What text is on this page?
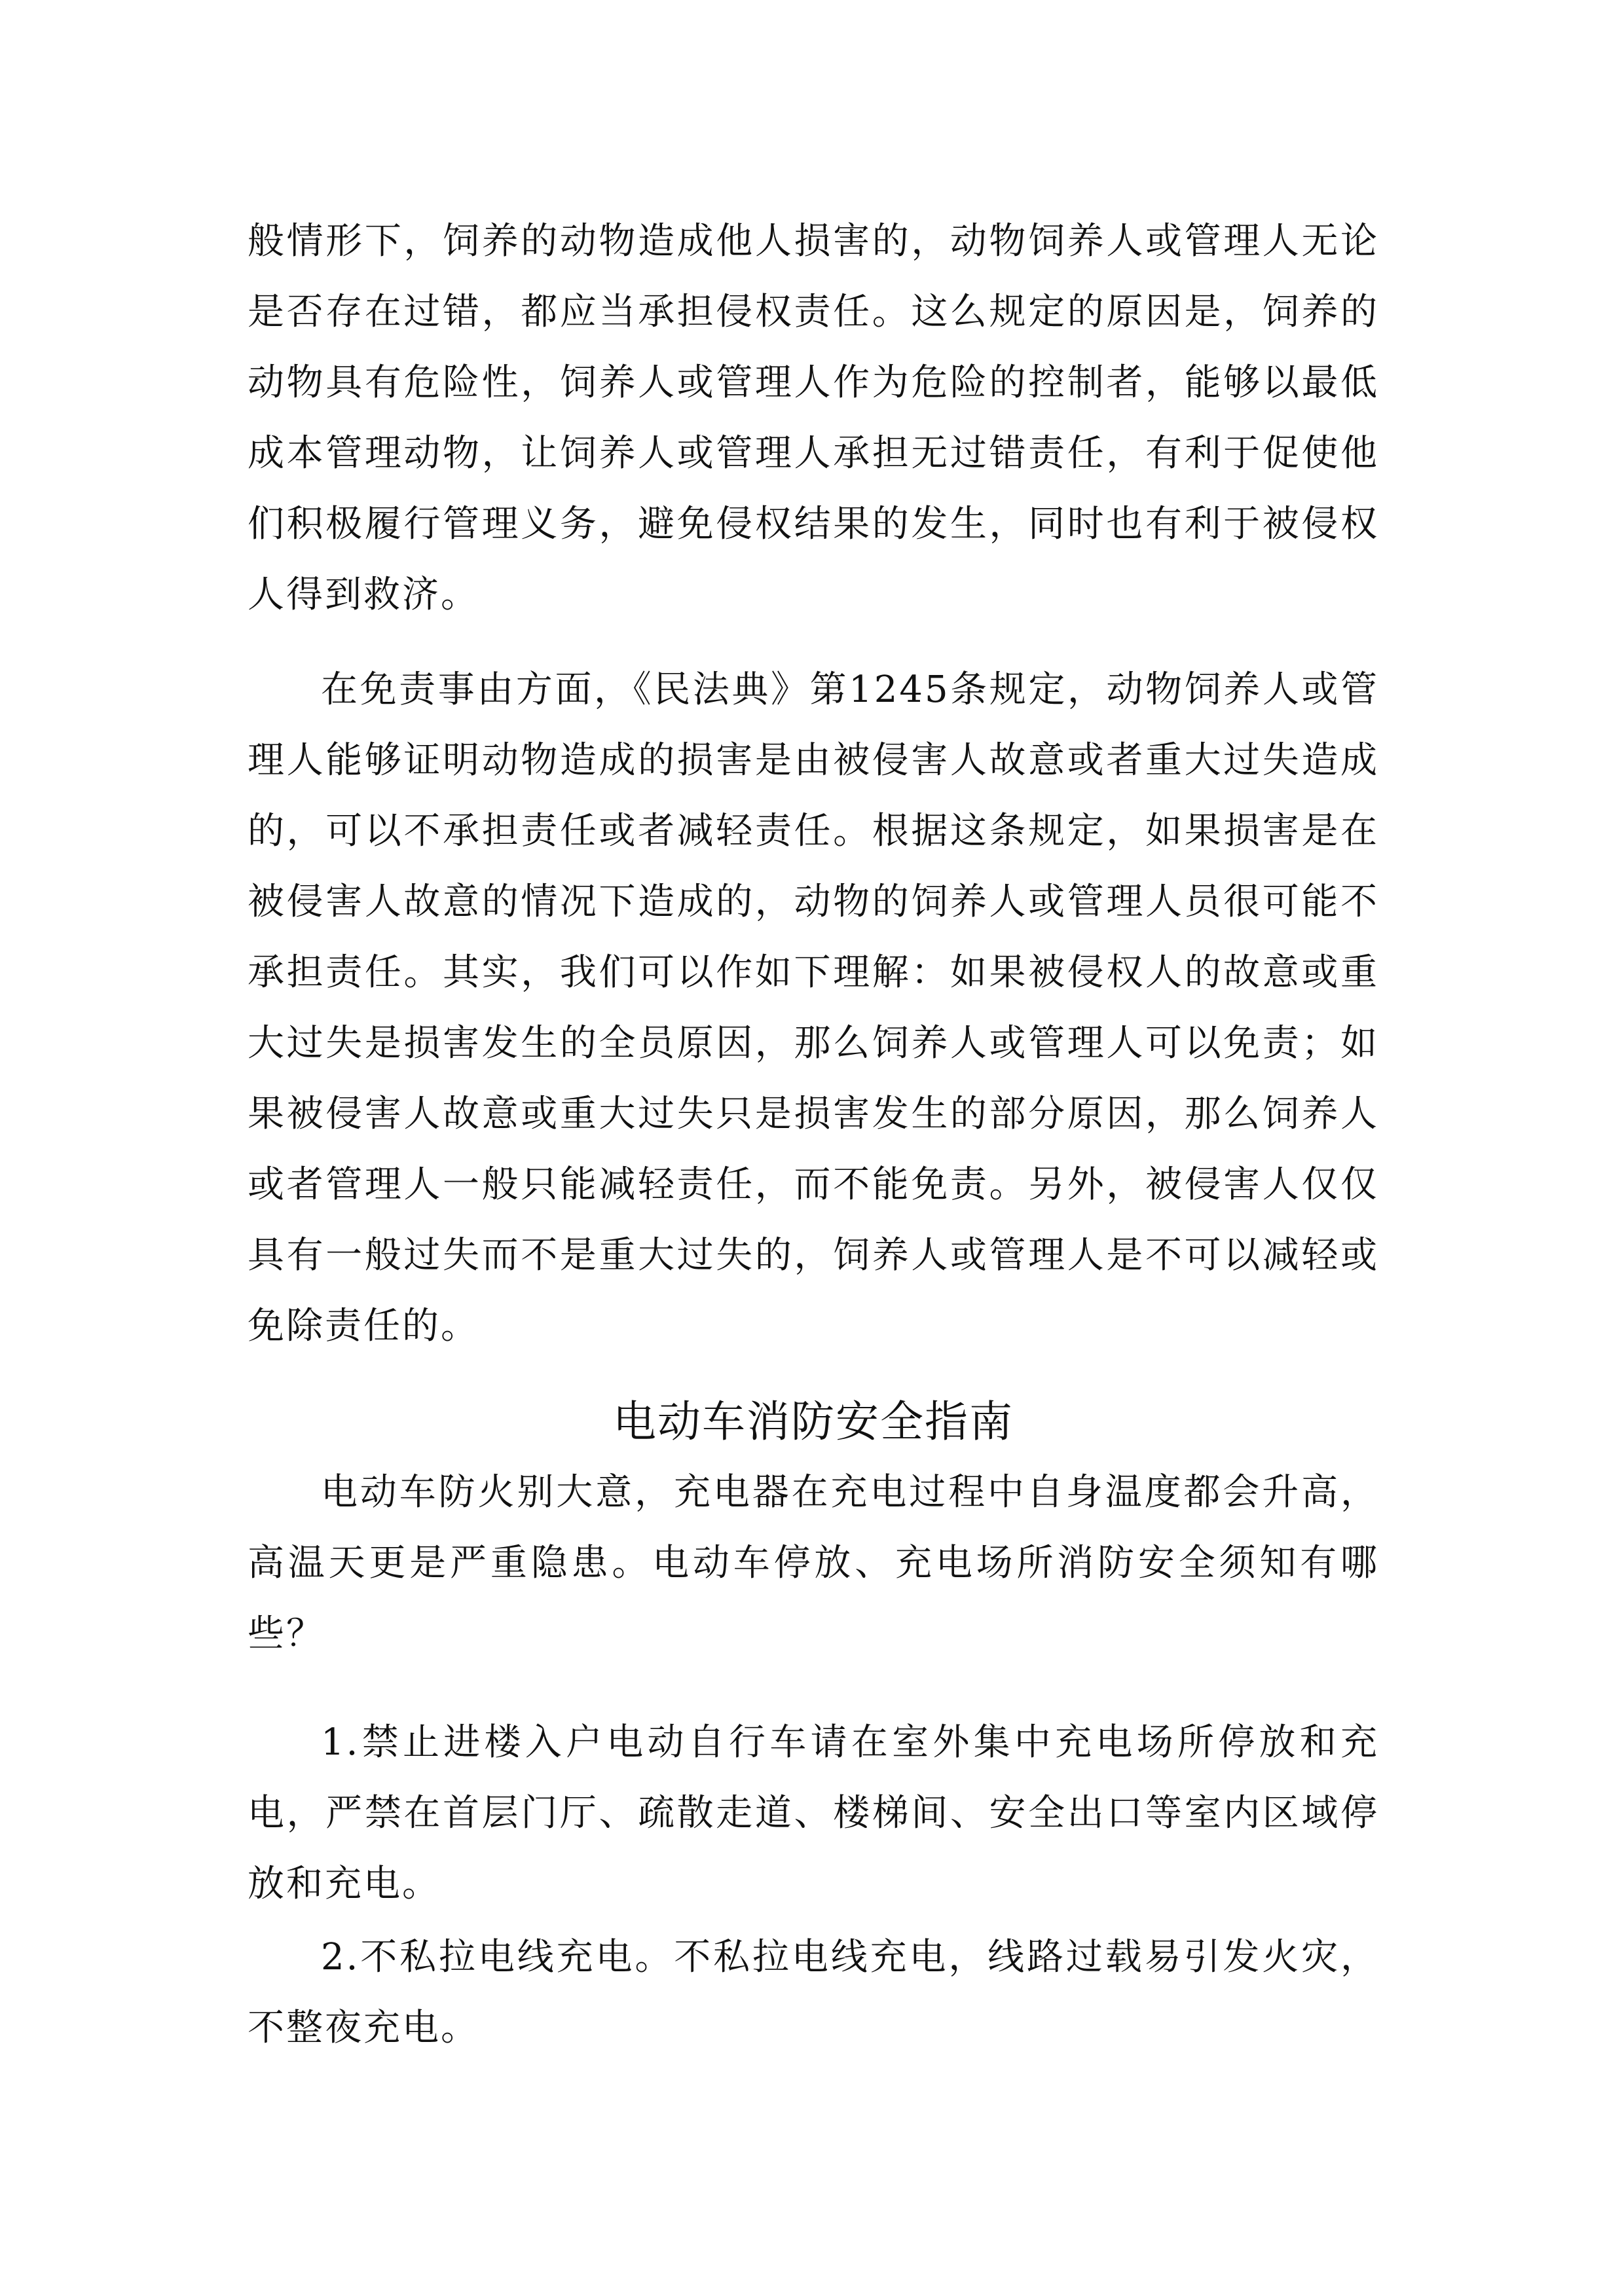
般情形下，饲养的动物造成他人损害的，动物饲养人或管理人无论是否存在过错，都应当承担侵权责任。这么规定的原因是，饲养的动物具有危险性，饲养人或管理人作为危险的控制者，能够以最低成本管理动物，让饲养人或管理人承担无过错责任，有利于促使他们积极履行管理义务，避免侵权结果的发生，同时也有利于被侵权人得到救济。

在免责事由方面，《民法典》第1245条规定，动物饲养人或管理人能够证明动物造成的损害是由被侵害人故意或者重大过失造成的，可以不承担责任或者减轻责任。根据这条规定，如果损害是在被侵害人故意的情况下造成的，动物的饲养人或管理人员很可能不承担责任。其实，我们可以作如下理解：如果被侵权人的故意或重大过失是损害发生的全员原因，那么饲养人或管理人可以免责；如果被侵害人故意或重大过失只是损害发生的部分原因，那么饲养人或者管理人一般只能减轻责任，而不能免责。另外，被侵害人仅仅具有一般过失而不是重大过失的，饲养人或管理人是不可以减轻或免除责任的。

电动车消防安全指南

电动车防火别大意，充电器在充电过程中自身温度都会升高，高温天更是严重隐患。电动车停放、充电场所消防安全须知有哪些？

1.禁止进楼入户电动自行车请在室外集中充电场所停放和充电，严禁在首层门厅、疏散走道、楼梯间、安全出口等室内区域停放和充电。

2.不私拉电线充电。不私拉电线充电，线路过载易引发火灾，不整夜充电。
